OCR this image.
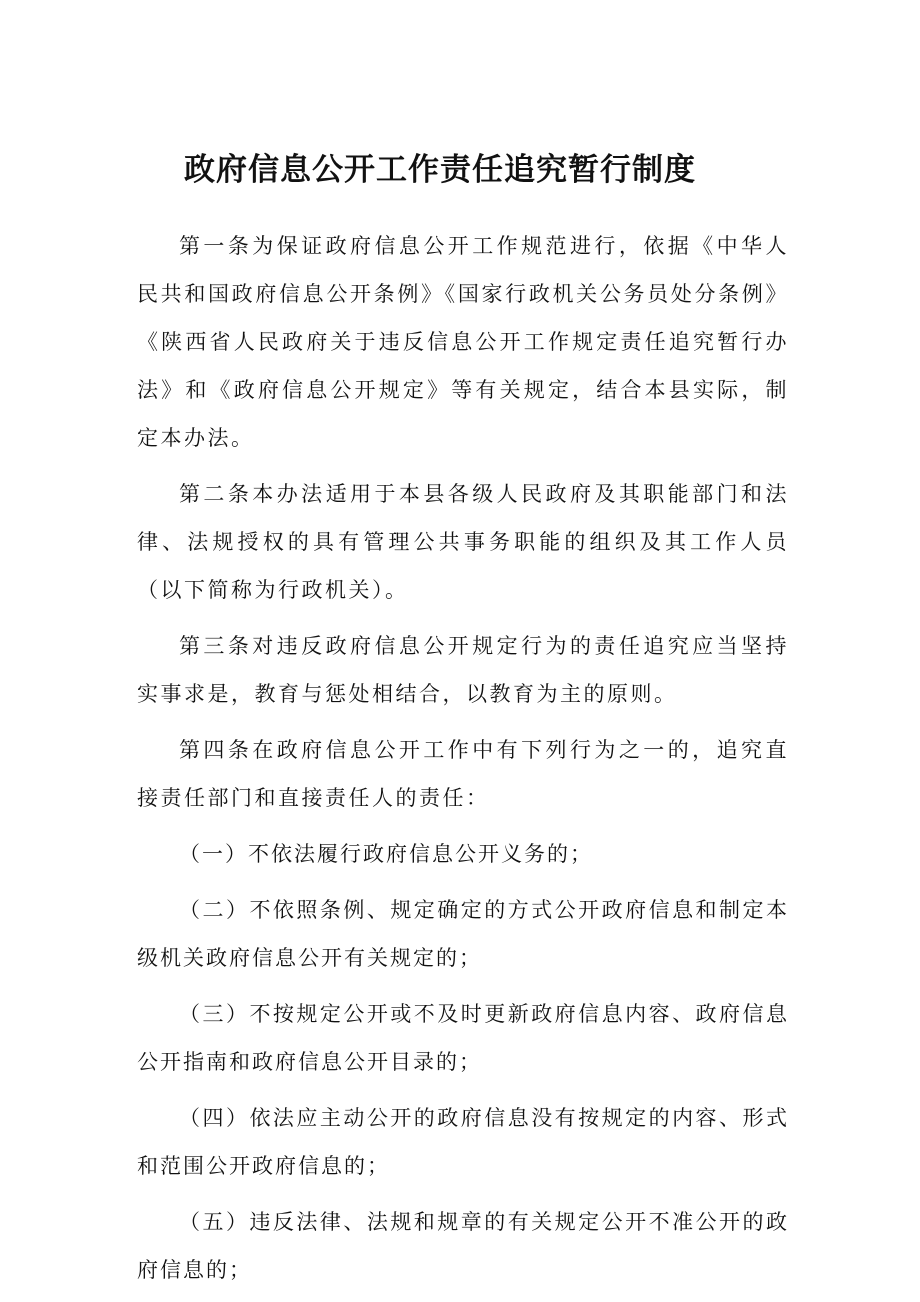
政府信息公开工作责任追究暂行制度

第一条为保证政府信息公开工作规范进行，依据《中华人民共和国政府信息公开条例》《国家行政机关公务员处分条例》《陕西省人民政府关于违反信息公开工作规定责任追究暂行办法》和《政府信息公开规定》等有关规定，结合本县实际，制定本办法。

第二条本办法适用于本县各级人民政府及其职能部门和法律、法规授权的具有管理公共事务职能的组织及其工作人员（以下简称为行政机关）。

第三条对违反政府信息公开规定行为的责任追究应当坚持实事求是，教育与惩处相结合，以教育为主的原则。

第四条在政府信息公开工作中有下列行为之一的，追究直接责任部门和直接责任人的责任：

（一）不依法履行政府信息公开义务的；

（二）不依照条例、规定确定的方式公开政府信息和制定本级机关政府信息公开有关规定的；

（三）不按规定公开或不及时更新政府信息内容、政府信息公开指南和政府信息公开目录的；

（四）依法应主动公开的政府信息没有按规定的内容、形式和范围公开政府信息的；

（五）违反法律、法规和规章的有关规定公开不准公开的政府信息的；
